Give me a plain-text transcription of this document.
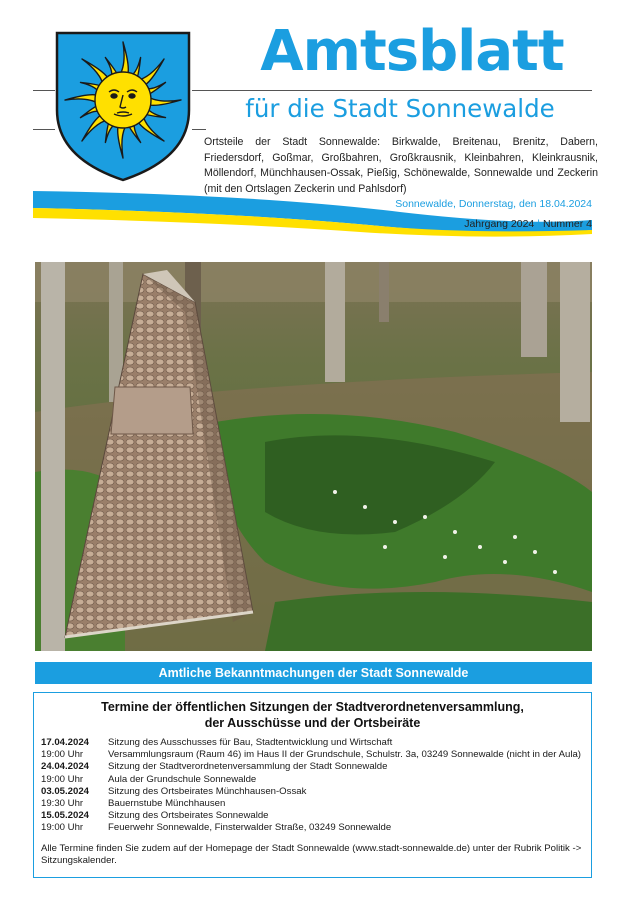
Amtsblatt
für die Stadt Sonnewalde
Ortsteile der Stadt Sonnewalde: Birkwalde, Breitenau, Brenitz, Dabern, Friedersdorf, Goßmar, Großbahren, Großkrausnik, Kleinbahren, Kleinkrausnik, Möllendorf, Münchhausen-Ossak, Pießig, Schönewalde, Sonnewalde und Zeckerin (mit den Ortslagen Zeckerin und Pahlsdorf)
Sonnewalde, Donnerstag, den 18.04.2024
Jahrgang 2024 | Nummer 4
Amtliche Bekanntmachungen der Stadt Sonnewalde
Termine der öffentlichen Sitzungen der Stadtverordnetenversammlung,
der Ausschüsse und der Ortsbeiräte
17.04.2024	Sitzung des Ausschusses für Bau, Stadtentwicklung und Wirtschaft
19:00 Uhr	Versammlungsraum (Raum 46) im Haus II der Grundschule, Schulstr. 3a, 03249 Sonnewalde (nicht in der Aula)
24.04.2024	Sitzung der Stadtverordnetenversammlung der Stadt Sonnewalde
19:00 Uhr	Aula der Grundschule Sonnewalde
03.05.2024	Sitzung des Ortsbeirates Münchhausen-Ossak
19:30 Uhr	Bauernstube Münchhausen
15.05.2024	Sitzung des Ortsbeirates Sonnewalde
19:00 Uhr	Feuerwehr Sonnewalde, Finsterwalder Straße, 03249 Sonnewalde
Alle Termine finden Sie zudem auf der Homepage der Stadt Sonnewalde (www.stadt-sonnewalde.de) unter der Rubrik Politik -> Sitzungskalender.
